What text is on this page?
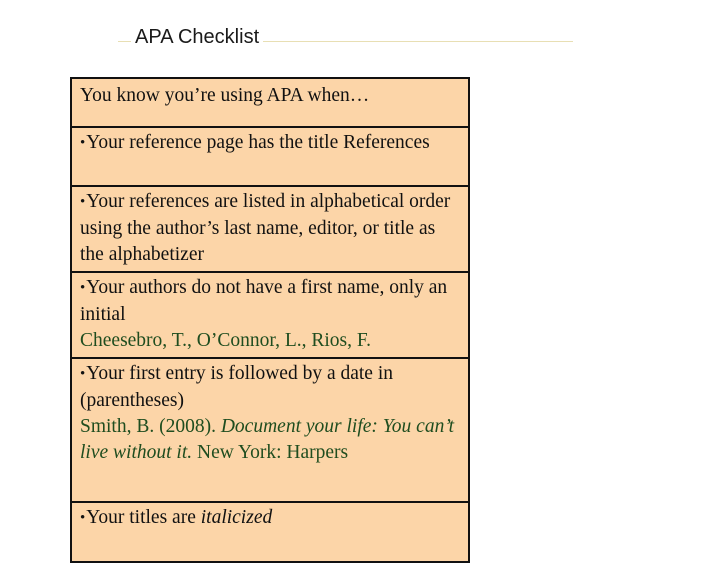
APA Checklist
You know you’re using APA when…
•Your reference page has the title References
•Your references are listed in alphabetical order using the author’s last name, editor, or title as the alphabetizer
•Your authors do not have a first name, only an initial
Cheesebro, T., O’Connor, L., Rios, F.
•Your first entry is followed by a date in (parentheses)
Smith, B. (2008). Document your life: You can’t live without it. New York: Harpers
•Your titles are italicized
